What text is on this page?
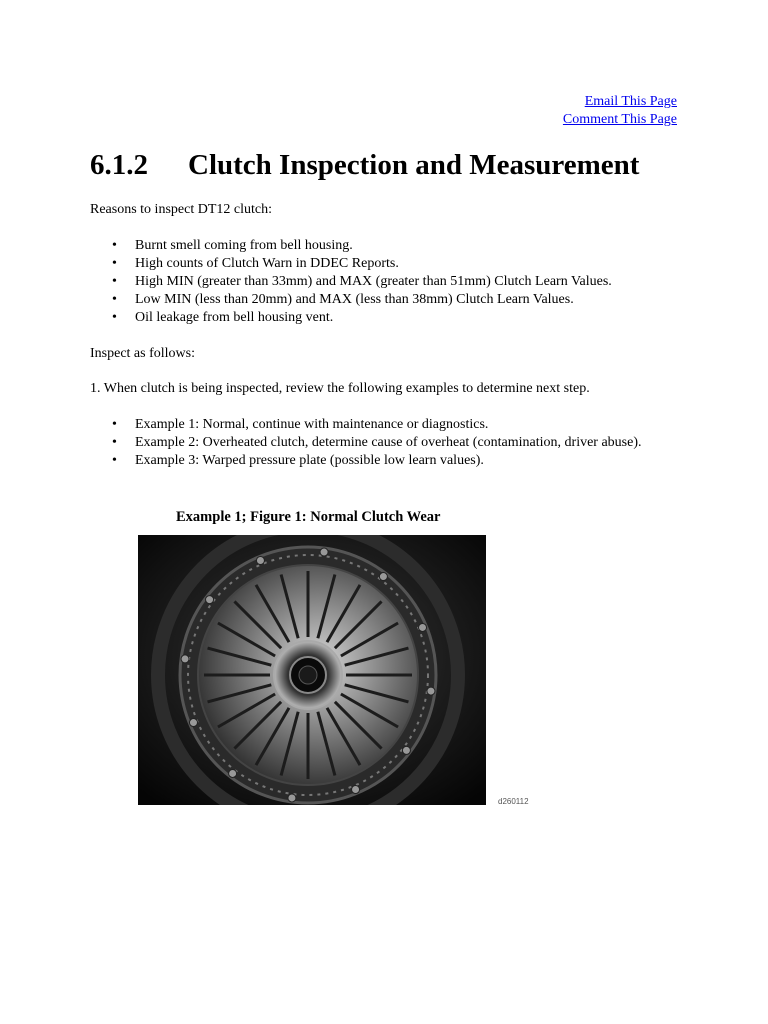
Email This Page
Comment This Page
6.1.2 Clutch Inspection and Measurement

Reasons to inspect DT12 clutch:

• Burnt smell coming from bell housing.
• High counts of Clutch Warn in DDEC Reports.
• High MIN (greater than 33mm) and MAX (greater than 51mm) Clutch Learn Values.
• Low MIN (less than 20mm) and MAX (less than 38mm) Clutch Learn Values.
• Oil leakage from bell housing vent.

Inspect as follows:

1. When clutch is being inspected, review the following examples to determine next step.

• Example 1: Normal, continue with maintenance or diagnostics.
• Example 2: Overheated clutch, determine cause of overheat (contamination, driver abuse).
• Example 3: Warped pressure plate (possible low learn values).

Example 1; Figure 1: Normal Clutch Wear

d260112
